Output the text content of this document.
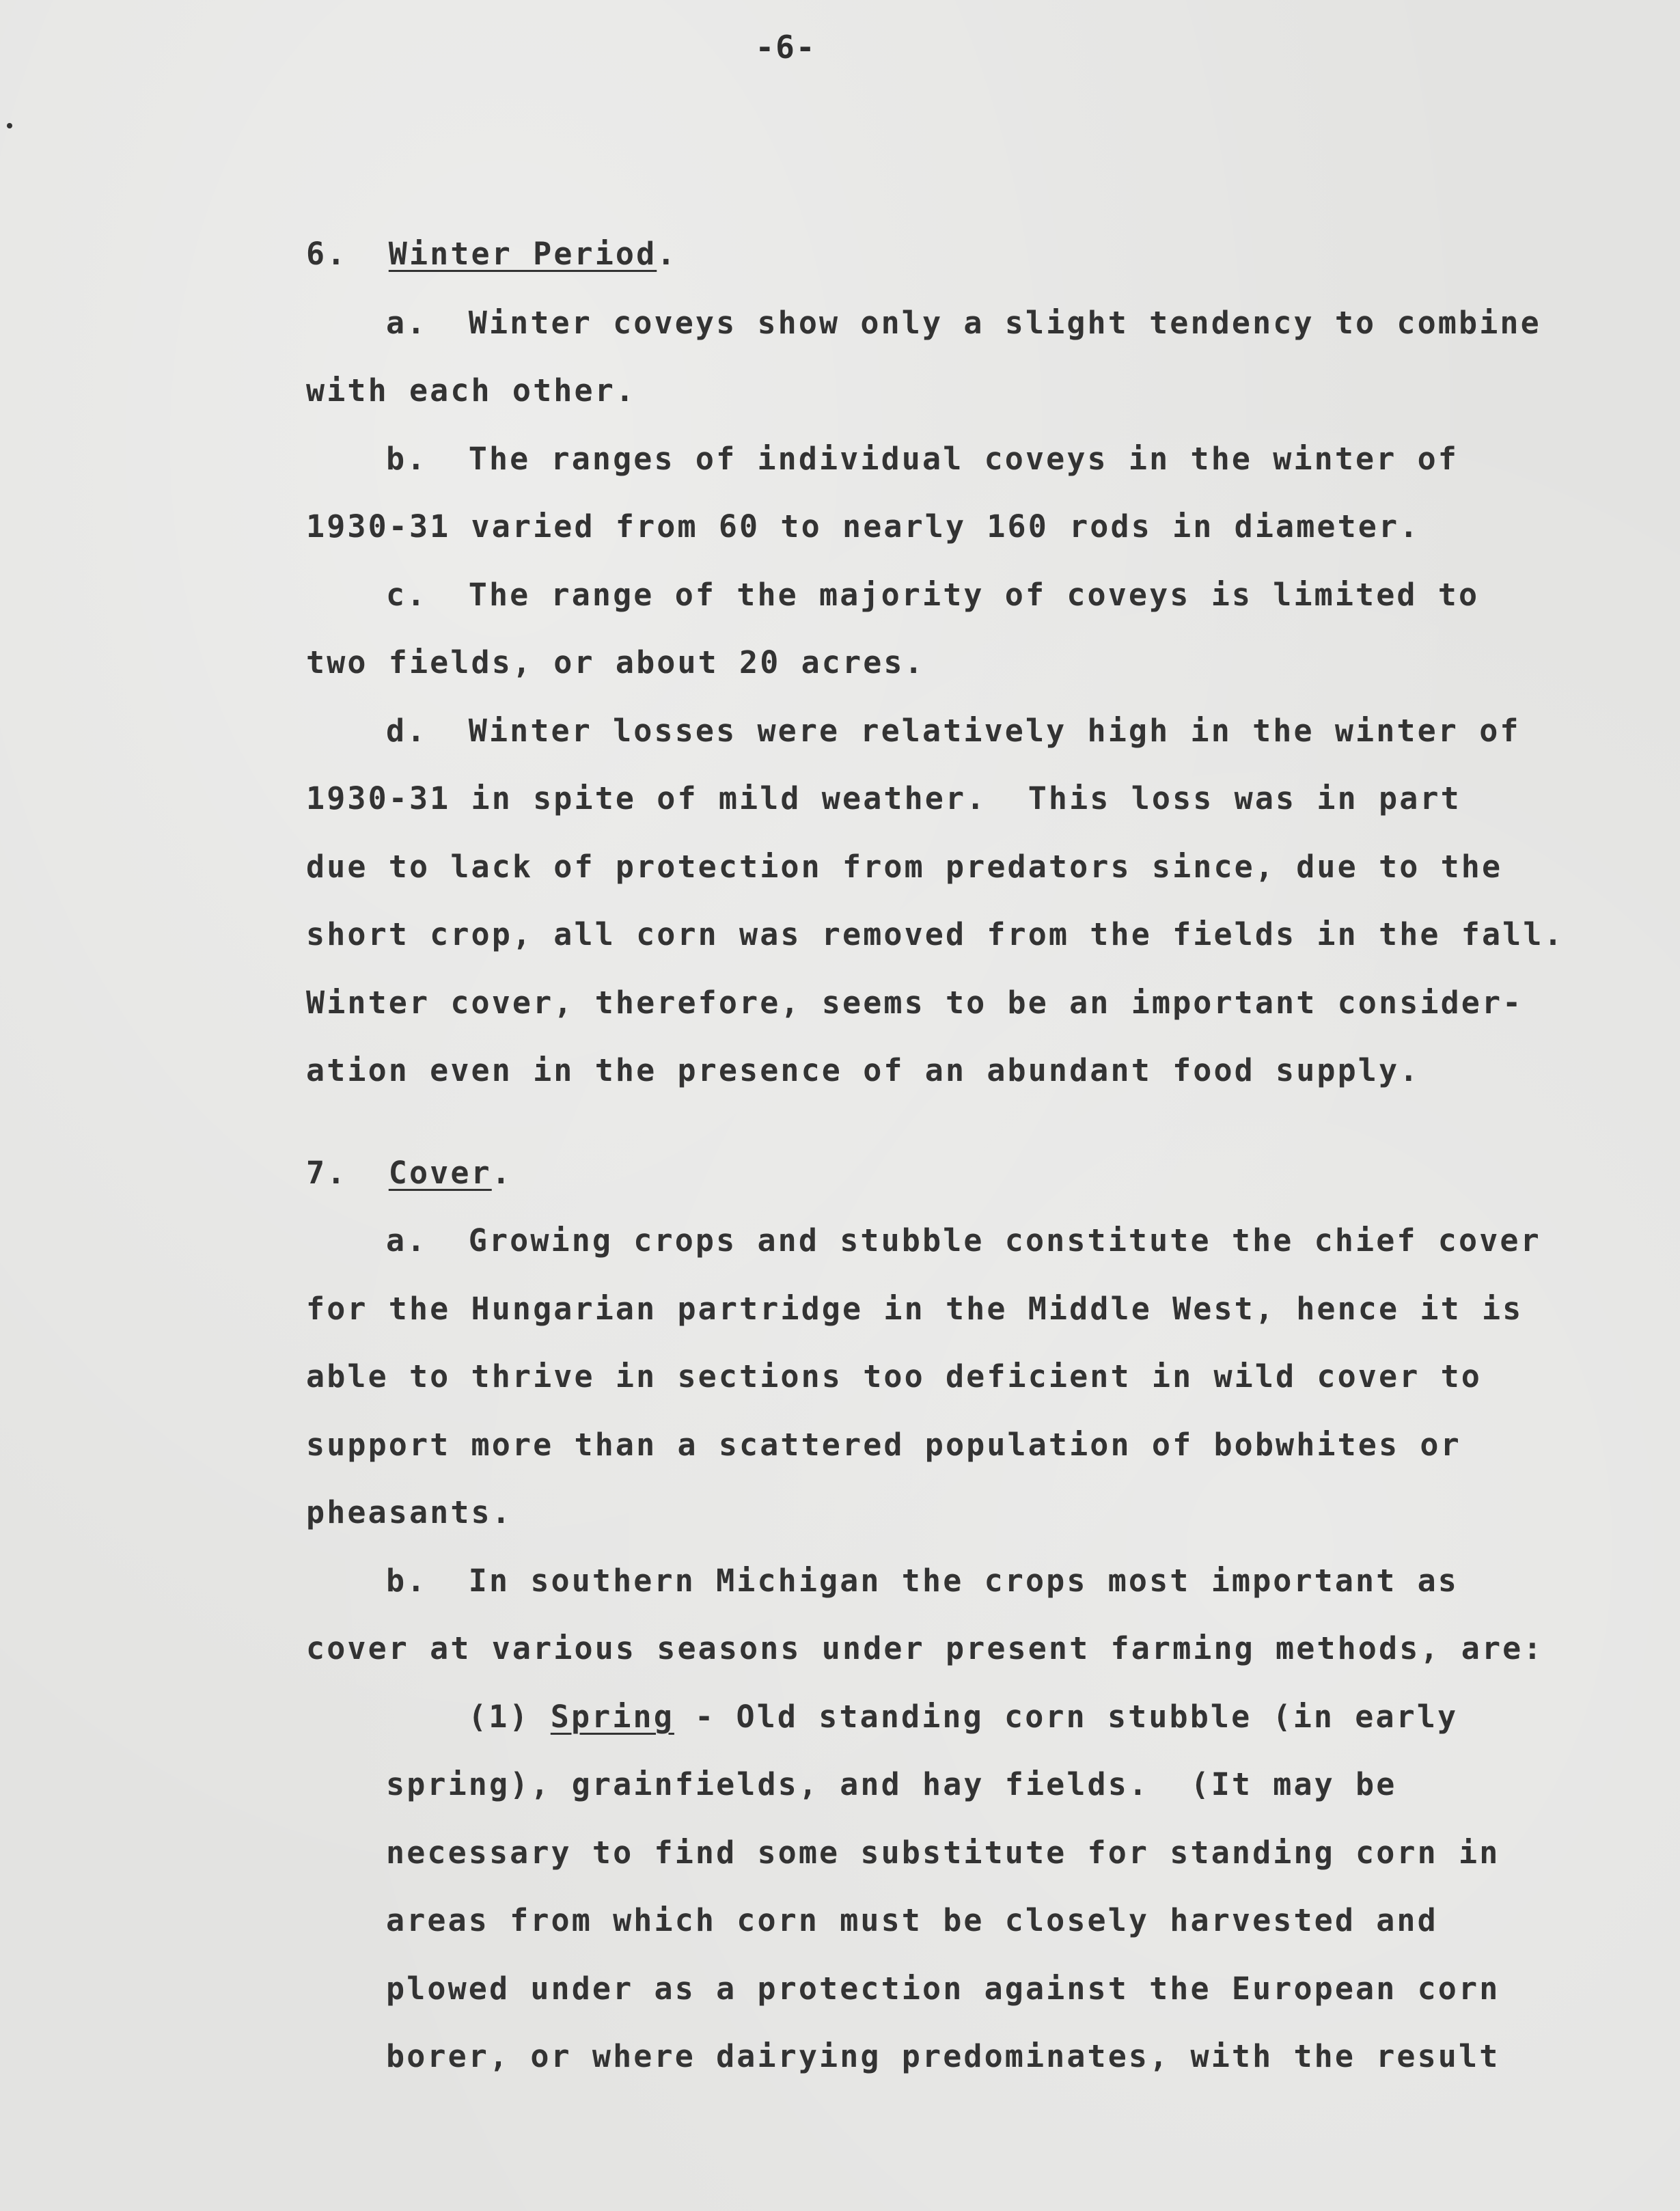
-6-
6. Winter Period.
a.  Winter coveys show only a slight tendency to combine
with each other.
b.  The ranges of individual coveys in the winter of
1930-31 varied from 60 to nearly 160 rods in diameter.
c.  The range of the majority of coveys is limited to
two fields, or about 20 acres.
d.  Winter losses were relatively high in the winter of
1930-31 in spite of mild weather.  This loss was in part
due to lack of protection from predators since, due to the
short crop, all corn was removed from the fields in the fall.
Winter cover, therefore, seems to be an important consider-
ation even in the presence of an abundant food supply.
7. Cover.
a.  Growing crops and stubble constitute the chief cover
for the Hungarian partridge in the Middle West, hence it is
able to thrive in sections too deficient in wild cover to
support more than a scattered population of bobwhites or
pheasants.
b.  In southern Michigan the crops most important as
cover at various seasons under present farming methods, are:
(1) Spring - Old standing corn stubble (in early
spring), grainfields, and hay fields.  (It may be
necessary to find some substitute for standing corn in
areas from which corn must be closely harvested and
plowed under as a protection against the European corn
borer, or where dairying predominates, with the result
